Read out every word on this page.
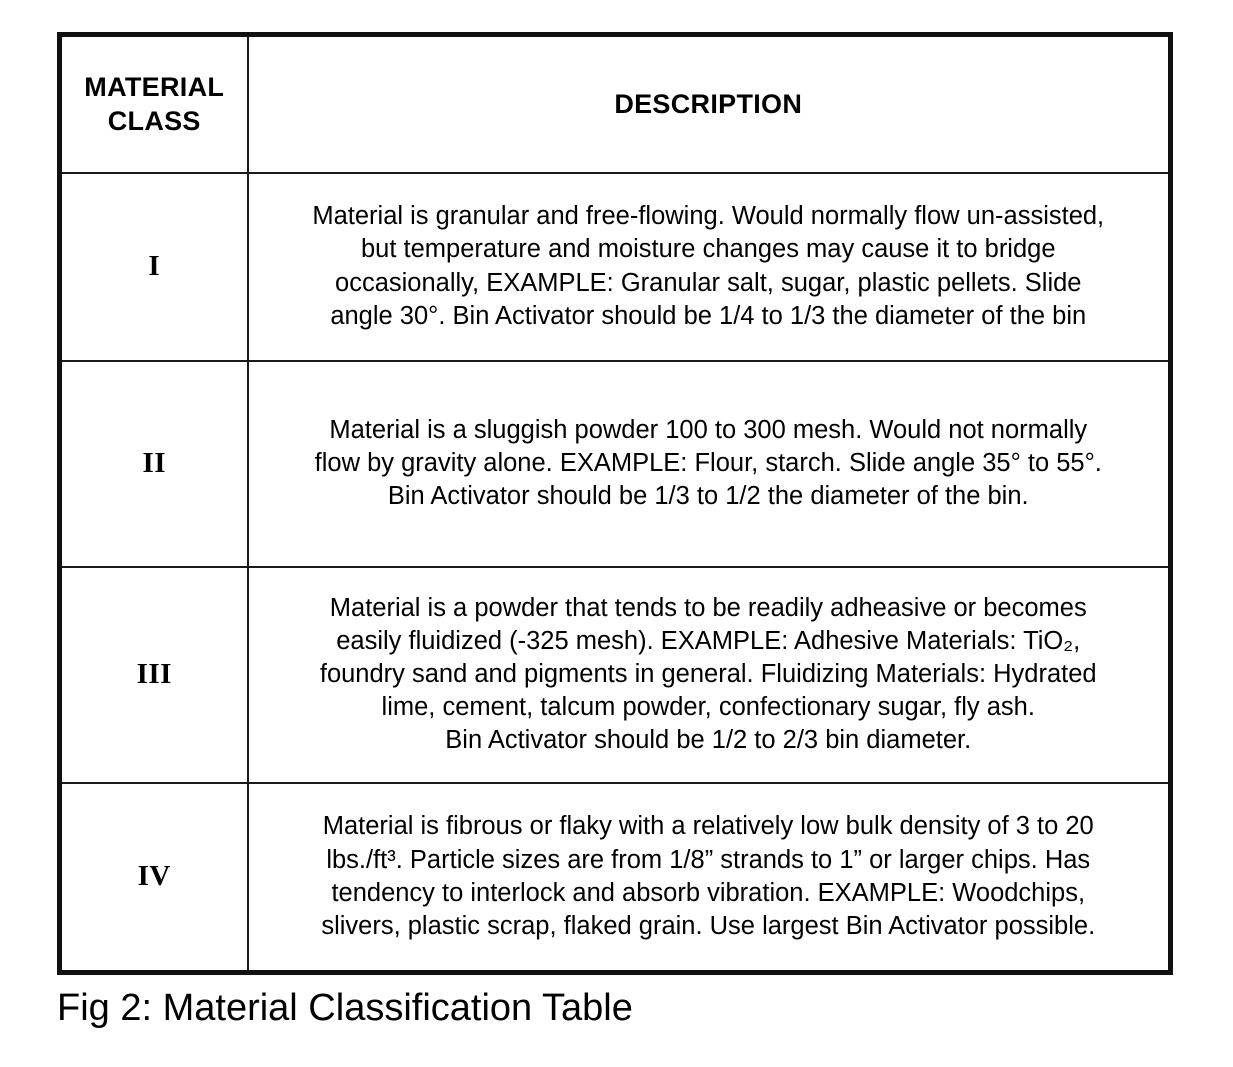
MATERIAL
CLASS	DESCRIPTION
I	Material is granular and free-flowing. Would normally flow un-assisted,

but temperature and moisture changes may cause it to bridge

occasionally, EXAMPLE: Granular salt, sugar, plastic pellets. Slide

angle 30°. Bin Activator should be 1/4 to 1/3 the diameter of the bin

II	Material is a sluggish powder 100 to 300 mesh. Would not normally

flow by gravity alone. EXAMPLE: Flour, starch. Slide angle 35° to 55°.

Bin Activator should be 1/3 to 1/2 the diameter of the bin.

III	Material is a powder that tends to be readily adheasive or becomes

easily fluidized (-325 mesh). EXAMPLE: Adhesive Materials: TiO₂,

foundry sand and pigments in general. Fluidizing Materials: Hydrated

lime, cement, talcum powder, confectionary sugar, fly ash.

Bin Activator should be 1/2 to 2/3 bin diameter.

IV	Material is fibrous or flaky with a relatively low bulk density of 3 to 20

lbs./ft³. Particle sizes are from 1/8” strands to 1” or larger chips. Has

tendency to interlock and absorb vibration. EXAMPLE: Woodchips,

slivers, plastic scrap, flaked grain. Use largest Bin Activator possible.

Fig 2: Material Classification Table
